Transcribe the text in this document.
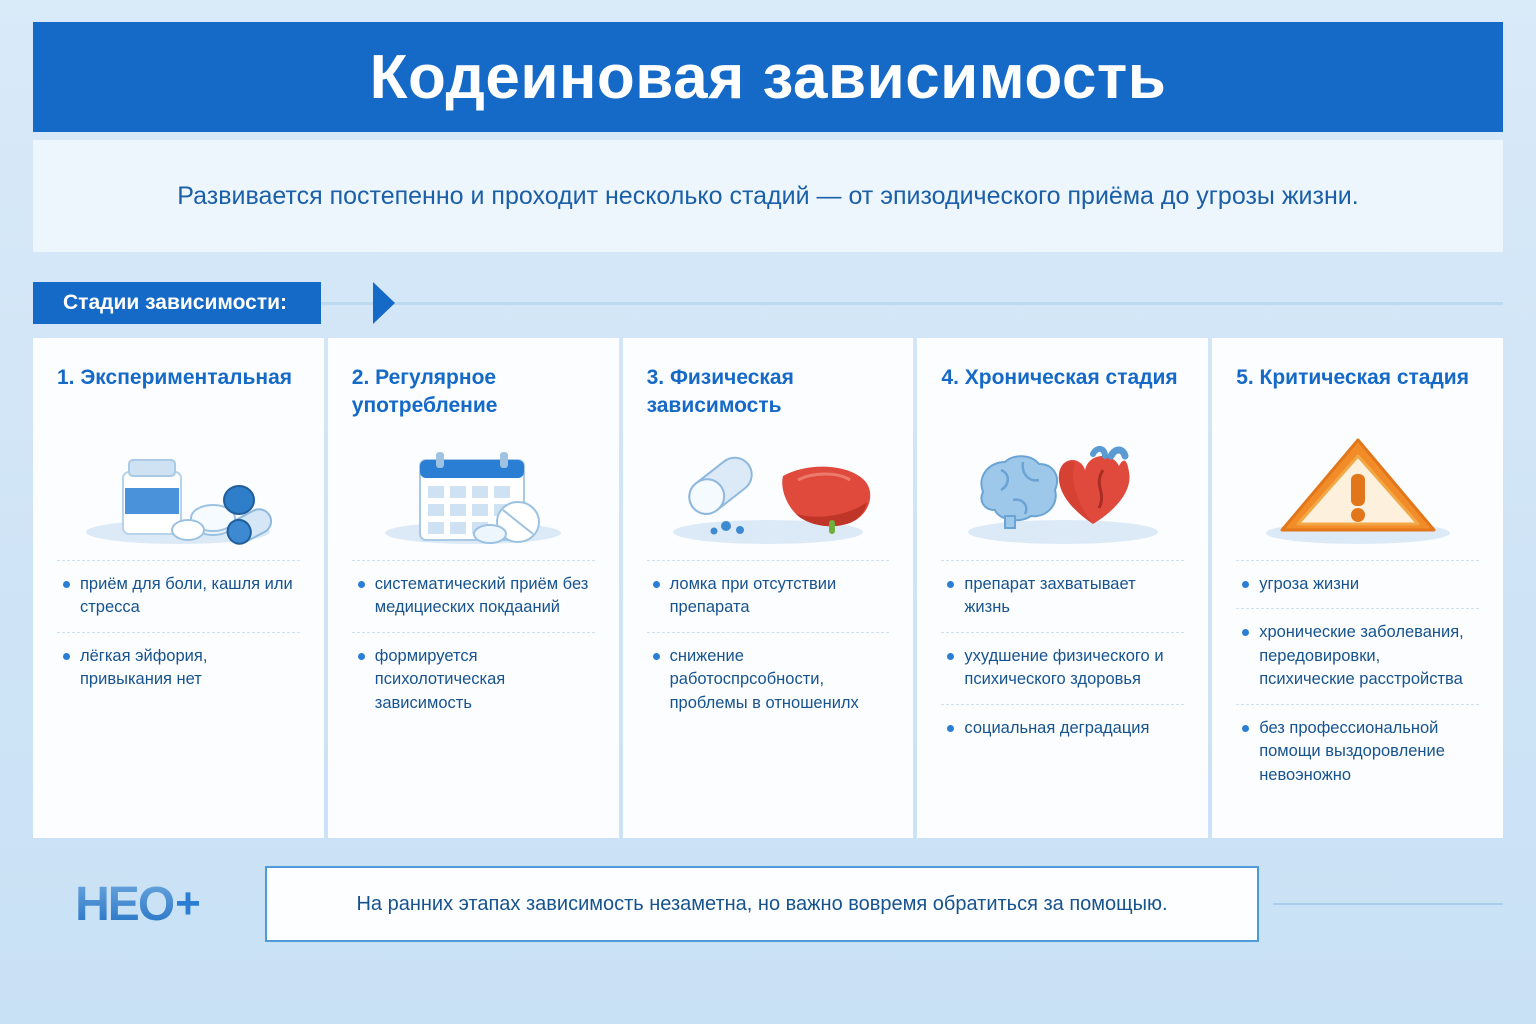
Кодеиновая зависимость
Развивается постепенно и проходит несколько стадий — от эпизодического приёма до угрозы жизни.
Стадии зависимости:
1. Экспериментальная
приём для боли, кашля или стресса
лёгкая эйфория, привыкания нет
2. Регулярное употребление
систематический приём без медициеских покдааний
формируется психолотическая зависимость
3. Физическая зависимость
ломка при отсутствии препарата
снижение работоспрсобности, проблемы в отношенилх
4. Хроническая стадия
препарат захватывает жизнь
ухудшение физического и психического здоровья
социальная деградация
5. Критическая стадия
угроза жизни
хронические заболевания, передовировки, психические расстройства
без профессиональной помощи выздоровление невоэножно
HEO +	На ранних этапах зависимость незаметна, но важно вовремя обратиться за помощыю.
